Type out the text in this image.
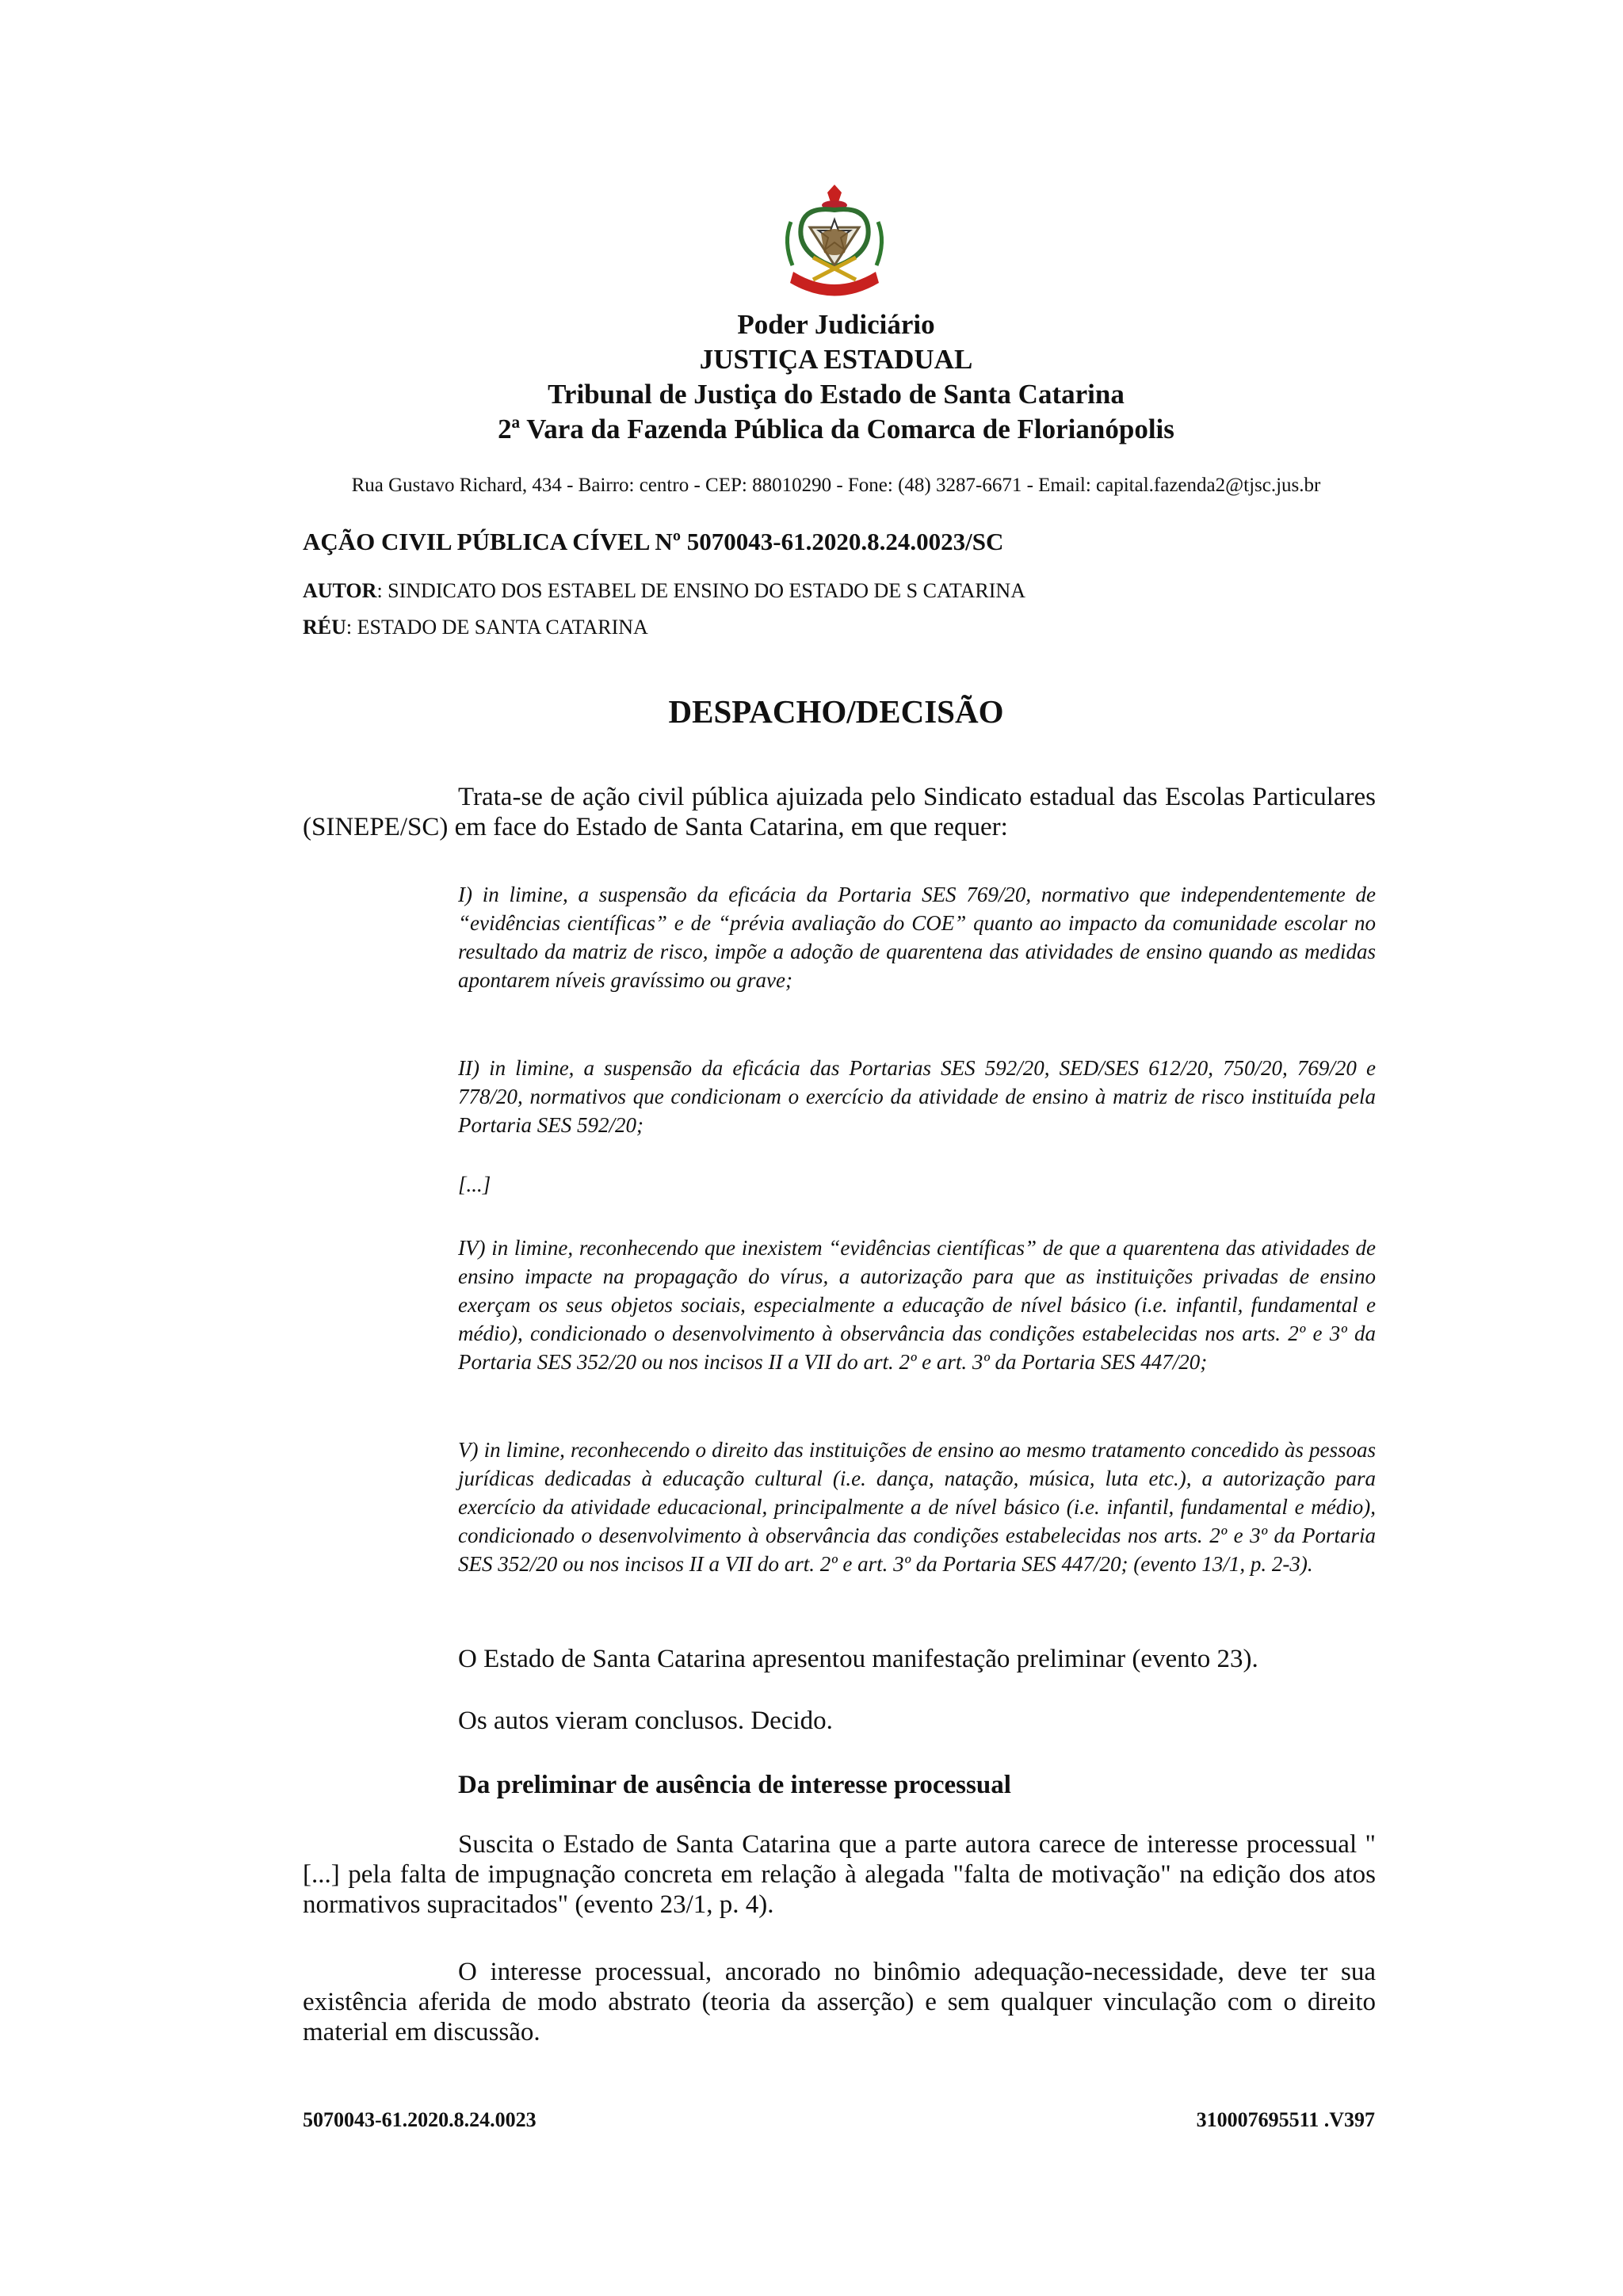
Poder Judiciário
JUSTIÇA ESTADUAL
Tribunal de Justiça do Estado de Santa Catarina
2ª Vara da Fazenda Pública da Comarca de Florianópolis
Rua Gustavo Richard, 434 - Bairro: centro - CEP: 88010290 - Fone: (48) 3287-6671 - Email: capital.fazenda2@tjsc.jus.br
AÇÃO CIVIL PÚBLICA CÍVEL Nº 5070043-61.2020.8.24.0023/SC
AUTOR: SINDICATO DOS ESTABEL DE ENSINO DO ESTADO DE S CATARINA
RÉU: ESTADO DE SANTA CATARINA
DESPACHO/DECISÃO
Trata-se de ação civil pública ajuizada pelo Sindicato estadual das Escolas Particulares (SINEPE/SC) em face do Estado de Santa Catarina, em que requer:
I) in limine, a suspensão da eficácia da Portaria SES 769/20, normativo que independentemente de “evidências científicas” e de “prévia avaliação do COE” quanto ao impacto da comunidade escolar no resultado da matriz de risco, impõe a adoção de quarentena das atividades de ensino quando as medidas apontarem níveis gravíssimo ou grave;
II) in limine, a suspensão da eficácia das Portarias SES 592/20, SED/SES 612/20, 750/20, 769/20 e 778/20, normativos que condicionam o exercício da atividade de ensino à matriz de risco instituída pela Portaria SES 592/20;
[...]
IV) in limine, reconhecendo que inexistem “evidências científicas” de que a quarentena das atividades de ensino impacte na propagação do vírus, a autorização para que as instituições privadas de ensino exerçam os seus objetos sociais, especialmente a educação de nível básico (i.e. infantil, fundamental e médio), condicionado o desenvolvimento à observância das condições estabelecidas nos arts. 2º e 3º da Portaria SES 352/20 ou nos incisos II a VII do art. 2º e art. 3º da Portaria SES 447/20;
V) in limine, reconhecendo o direito das instituições de ensino ao mesmo tratamento concedido às pessoas jurídicas dedicadas à educação cultural (i.e. dança, natação, música, luta etc.), a autorização para exercício da atividade educacional, principalmente a de nível básico (i.e. infantil, fundamental e médio), condicionado o desenvolvimento à observância das condições estabelecidas nos arts. 2º e 3º da Portaria SES 352/20 ou nos incisos II a VII do art. 2º e art. 3º da Portaria SES 447/20; (evento 13/1, p. 2-3).
O Estado de Santa Catarina apresentou manifestação preliminar (evento 23).
Os autos vieram conclusos. Decido.
Da preliminar de ausência de interesse processual
Suscita o Estado de Santa Catarina que a parte autora carece de interesse processual "[...] pela falta de impugnação concreta em relação à alegada "falta de motivação" na edição dos atos normativos supracitados" (evento 23/1, p. 4).
O interesse processual, ancorado no binômio adequação-necessidade, deve ter sua existência aferida de modo abstrato (teoria da asserção) e sem qualquer vinculação com o direito material em discussão.
5070043-61.2020.8.24.0023	310007695511 .V397
